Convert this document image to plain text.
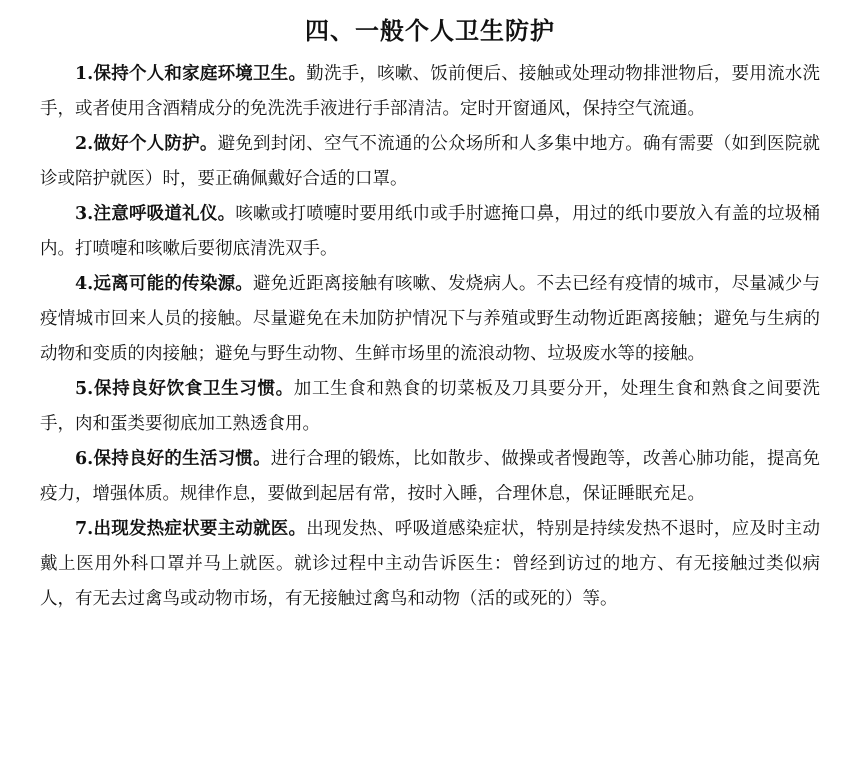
四、一般个人卫生防护

1.保持个人和家庭环境卫生。勤洗手，咳嗽、饭前便后、接触或处理动物排泄物后，要用流水洗手，或者使用含酒精成分的免洗洗手液进行手部清洁。定时开窗通风，保持空气流通。

2.做好个人防护。避免到封闭、空气不流通的公众场所和人多集中地方。确有需要（如到医院就诊或陪护就医）时，要正确佩戴好合适的口罩。

3.注意呼吸道礼仪。咳嗽或打喷嚏时要用纸巾或手肘遮掩口鼻，用过的纸巾要放入有盖的垃圾桶内。打喷嚏和咳嗽后要彻底清洗双手。

4.远离可能的传染源。避免近距离接触有咳嗽、发烧病人。不去已经有疫情的城市，尽量减少与疫情城市回来人员的接触。尽量避免在未加防护情况下与养殖或野生动物近距离接触；避免与生病的动物和变质的肉接触；避免与野生动物、生鲜市场里的流浪动物、垃圾废水等的接触。

5.保持良好饮食卫生习惯。加工生食和熟食的切菜板及刀具要分开，处理生食和熟食之间要洗手，肉和蛋类要彻底加工熟透食用。

6.保持良好的生活习惯。进行合理的锻炼，比如散步、做操或者慢跑等，改善心肺功能，提高免疫力，增强体质。规律作息，要做到起居有常，按时入睡，合理休息，保证睡眠充足。

7.出现发热症状要主动就医。出现发热、呼吸道感染症状，特别是持续发热不退时，应及时主动戴上医用外科口罩并马上就医。就诊过程中主动告诉医生：曾经到访过的地方、有无接触过类似病人，有无去过禽鸟或动物市场，有无接触过禽鸟和动物（活的或死的）等。
